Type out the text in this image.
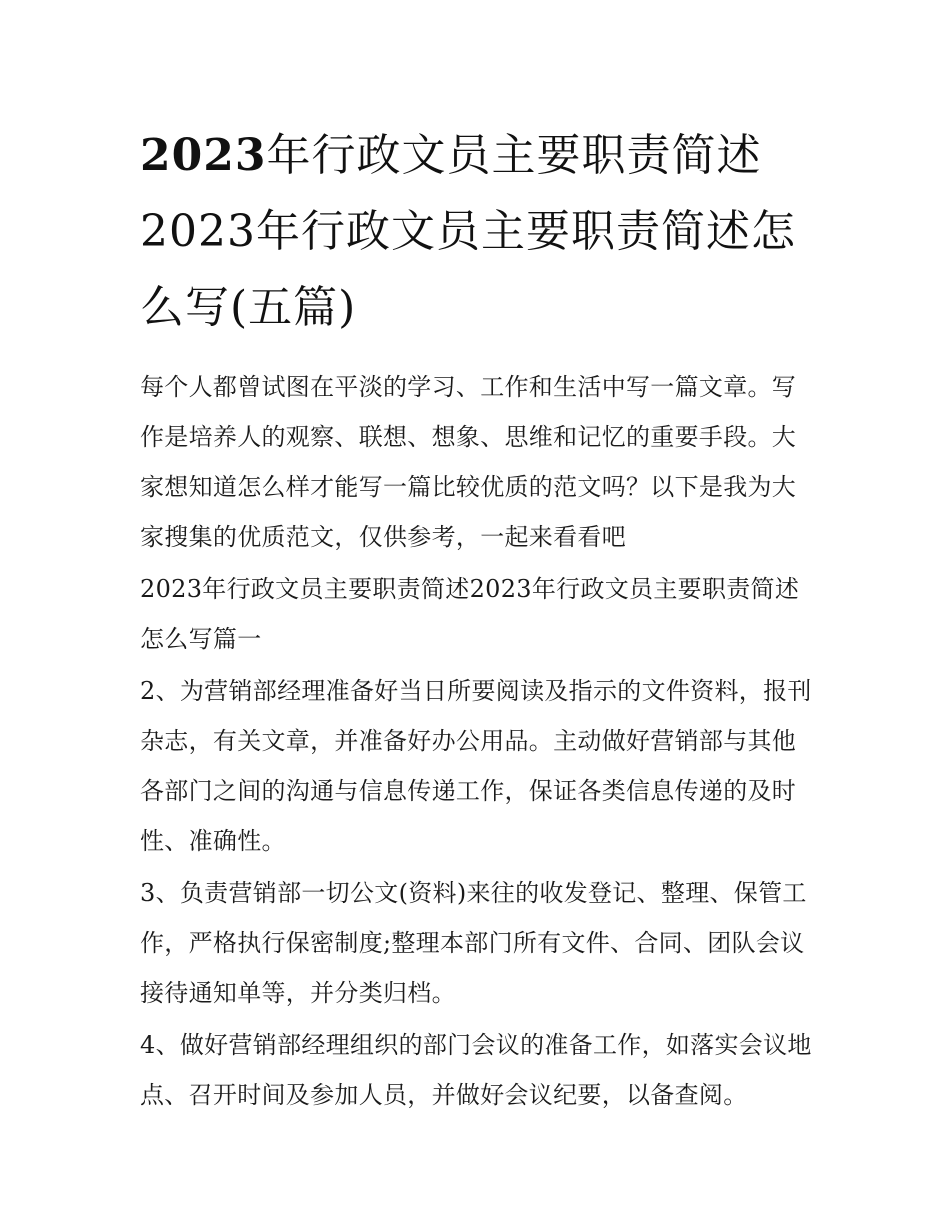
2023年行政文员主要职责简述2023年行政文员主要职责简述怎么写(五篇)

每个人都曾试图在平淡的学习、工作和生活中写一篇文章。写作是培养人的观察、联想、想象、思维和记忆的重要手段。大家想知道怎么样才能写一篇比较优质的范文吗？以下是我为大家搜集的优质范文，仅供参考，一起来看看吧

2023年行政文员主要职责简述2023年行政文员主要职责简述怎么写篇一

2、为营销部经理准备好当日所要阅读及指示的文件资料，报刊杂志，有关文章，并准备好办公用品。主动做好营销部与其他各部门之间的沟通与信息传递工作，保证各类信息传递的及时性、准确性。

3、负责营销部一切公文(资料)来往的收发登记、整理、保管工作，严格执行保密制度;整理本部门所有文件、合同、团队会议接待通知单等，并分类归档。

4、做好营销部经理组织的部门会议的准备工作，如落实会议地点、召开时间及参加人员，并做好会议纪要，以备查阅。
